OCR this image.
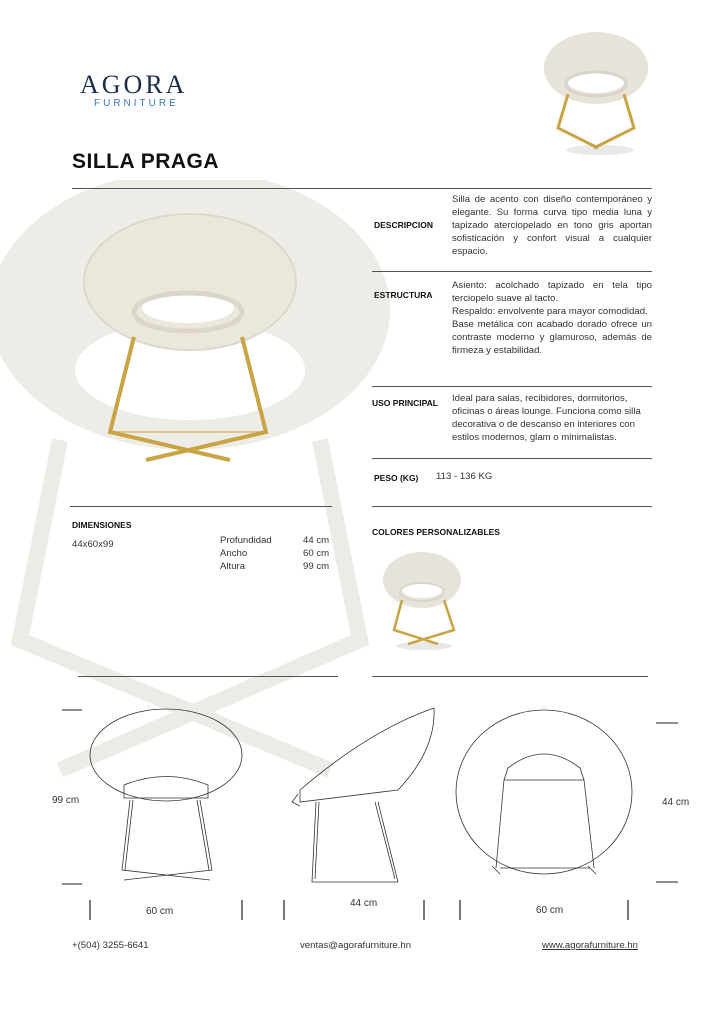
AGORA
FURNITURE
SILLA PRAGA
DESCRIPCION
Silla de acento con diseño contemporáneo y elegante. Su forma curva tipo media luna y tapizado aterciopelado en tono gris aportan sofisticación y confort visual a cualquier espacio.
ESTRUCTURA
Asiento: acolchado tapizado en tela tipo terciopelo suave al tacto.
Respaldo: envolvente para mayor comodidad.
Base metálica con acabado dorado ofrece un contraste moderno y glamuroso, además de firmeza y estabilidad.
USO PRINCIPAL Ideal para salas, recibidores, dormitorios, oficinas o áreas lounge. Funciona como silla decorativa o de descanso en interiores con estilos modernos, glam o minimalistas.
PESO (KG) 113 - 136 KG
DIMENSIONES
44x60x99	Profundidad	44 cm
Ancho	60 cm
Altura	99 cm
COLORES PERSONALIZABLES
99 cm	44 cm
60 cm
44 cm
60 cm
+(504) 3255-6641	ventas@agorafurniture.hn	www.agorafurniture.hn
